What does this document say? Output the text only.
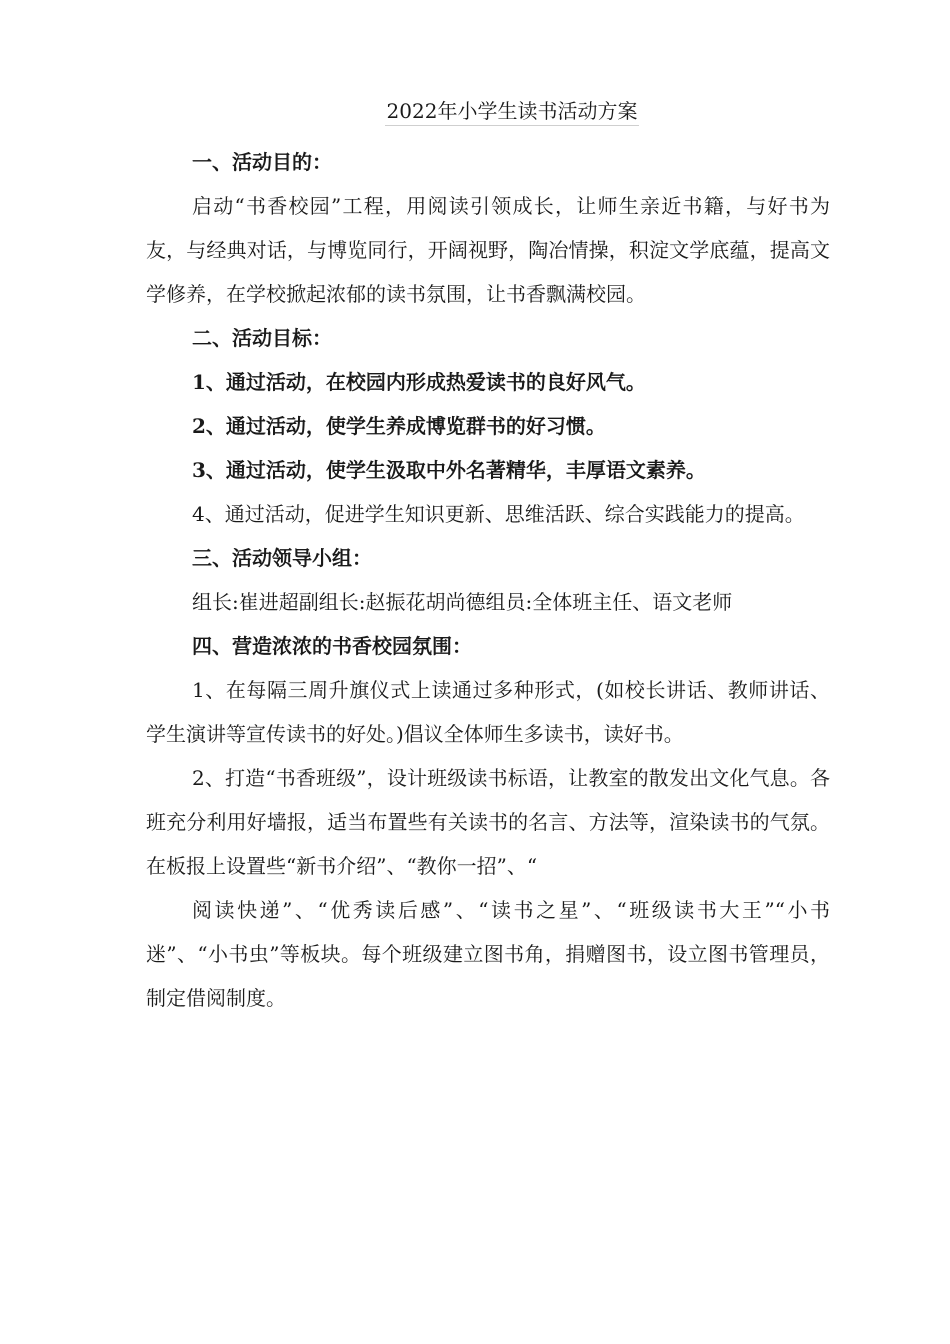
2022年小学生读书活动方案

一、活动目的：

启动“书香校园”工程，用阅读引领成长，让师生亲近书籍，与好书为友，与经典对话，与博览同行，开阔视野，陶冶情操，积淀文学底蕴，提高文学修养，在学校掀起浓郁的读书氛围，让书香飘满校园。

二、活动目标：

1、通过活动，在校园内形成热爱读书的良好风气。

2、通过活动，使学生养成博览群书的好习惯。

3、通过活动，使学生汲取中外名著精华，丰厚语文素养。

4、通过活动，促进学生知识更新、思维活跃、综合实践能力的提高。

三、活动领导小组：

组长:崔进超副组长:赵振花胡尚德组员:全体班主任、语文老师

四、营造浓浓的书香校园氛围：

1、在每隔三周升旗仪式上读通过多种形式，(如校长讲话、教师讲话、学生演讲等宣传读书的好处。)倡议全体师生多读书，读好书。

2、打造“书香班级”，设计班级读书标语，让教室的散发出文化气息。各班充分利用好墙报，适当布置些有关读书的名言、方法等，渲染读书的气氛。在板报上设置些“新书介绍”、“教你一招”、“

阅读快递”、“优秀读后感”、“读书之星”、“班级读书大王”“小书迷”、“小书虫”等板块。每个班级建立图书角，捐赠图书，设立图书管理员，制定借阅制度。
